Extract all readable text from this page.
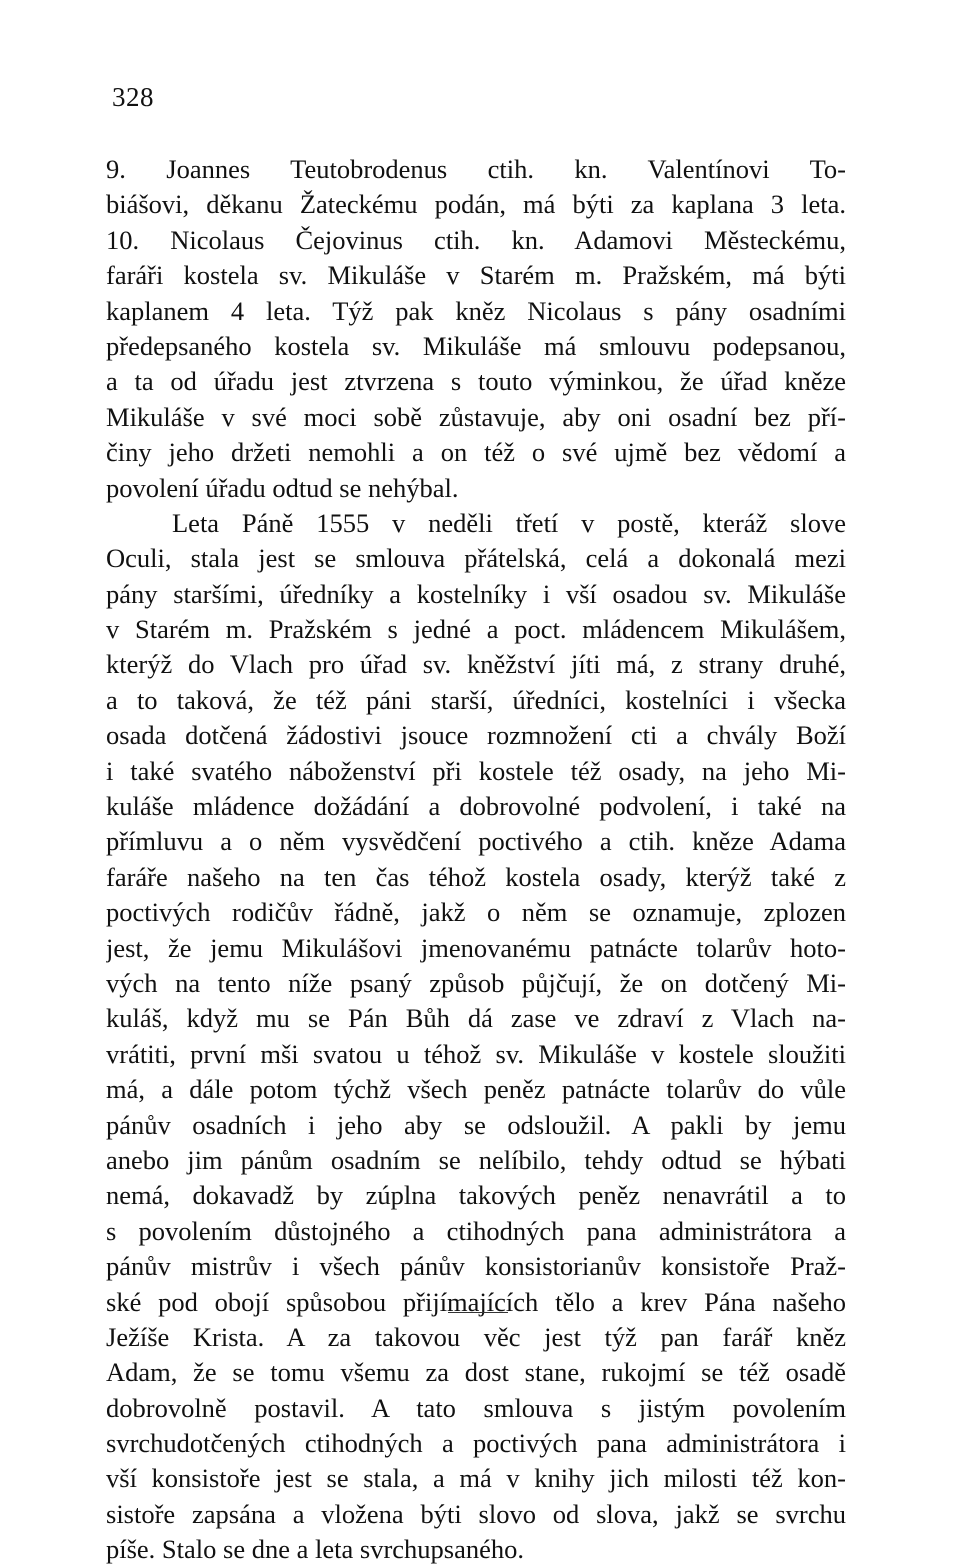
328
9. Joannes Teutobrodenus ctih. kn. Valentínovi To-
biášovi, děkanu Žateckému podán, má býti za kaplana 3 leta.
10. Nicolaus Čejovinus ctih. kn. Adamovi Městeckému,
faráři kostela sv. Mikuláše v Starém m. Pražském, má býti
kaplanem 4 leta. Týž pak kněz Nicolaus s pány osadními
předepsaného kostela sv. Mikuláše má smlouvu podepsanou,
a ta od úřadu jest ztvrzena s touto výminkou, že úřad kněze
Mikuláše v své moci sobě zůstavuje, aby oni osadní bez pří-
činy jeho držeti nemohli a on též o své ujmě bez vědomí a
povolení úřadu odtud se nehýbal.
Leta Páně 1555 v neděli třetí v postě, kteráž slove
Oculi, stala jest se smlouva přátelská, celá a dokonalá mezi
pány staršími, úředníky a kostelníky i vší osadou sv. Mikuláše
v Starém m. Pražském s jedné a poct. mládencem Mikulášem,
kterýž do Vlach pro úřad sv. kněžství jíti má, z strany druhé,
a to taková, že též páni starší, úředníci, kostelníci i všecka
osada dotčená žádostivi jsouce rozmnožení cti a chvály Boží
i také svatého náboženství při kostele též osady, na jeho Mi-
kuláše mládence dožádání a dobrovolné podvolení, i také na
přímluvu a o něm vysvědčení poctivého a ctih. kněze Adama
faráře našeho na ten čas téhož kostela osady, kterýž také z
poctivých rodičův řádně, jakž o něm se oznamuje, zplozen
jest, že jemu Mikulášovi jmenovanému patnácte tolarův hoto-
vých na tento níže psaný způsob půjčují, že on dotčený Mi-
kuláš, když mu se Pán Bůh dá zase ve zdraví z Vlach na-
vrátiti, první mši svatou u téhož sv. Mikuláše v kostele sloužiti
má, a dále potom týchž všech peněz patnácte tolarův do vůle
pánův osadních i jeho aby se odsloužil. A pakli by jemu
anebo jim pánům osadním se nelíbilo, tehdy odtud se hýbati
nemá, dokavadž by zúplna takových peněz nenavrátil a to
s povolením důstojného a ctihodných pana administrátora a
pánův mistrův i všech pánův konsistorianův konsistoře Praž-
ské pod obojí spůsobou přijímajících tělo a krev Pána našeho
Ježíše Krista. A za takovou věc jest týž pan farář kněz
Adam, že se tomu všemu za dost stane, rukojmí se též osadě
dobrovolně postavil. A tato smlouva s jistým povolením
svrchudotčených ctihodných a poctivých pana administrátora i
vší konsistoře jest se stala, a má v knihy jich milosti též kon-
sistoře zapsána a vložena býti slovo od slova, jakž se svrchu
píše. Stalo se dne a leta svrchupsaného.
